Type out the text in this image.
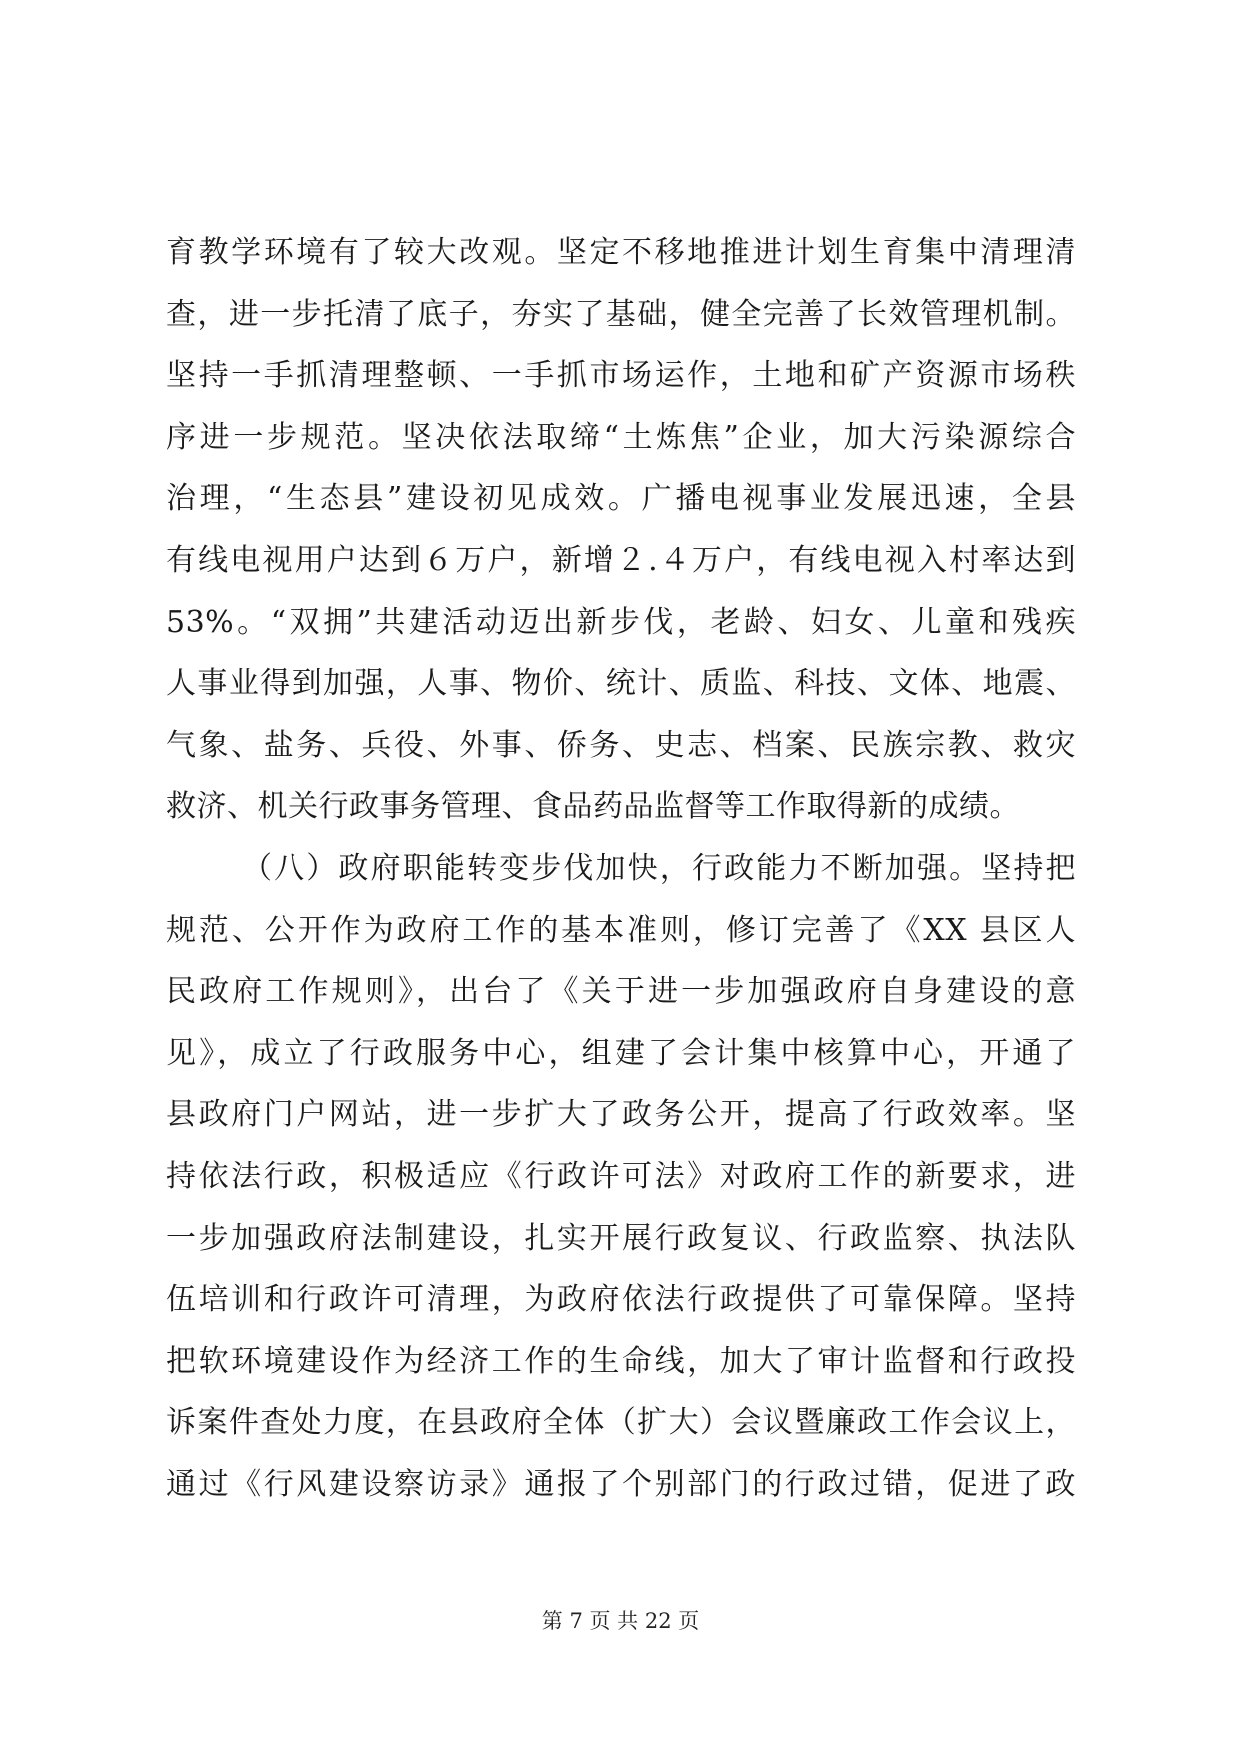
育教学环境有了较大改观。坚定不移地推进计划生育集中清理清
查，进一步托清了底子，夯实了基础，健全完善了长效管理机制。
坚持一手抓清理整顿、一手抓市场运作，土地和矿产资源市场秩
序进一步规范。坚决依法取缔“土炼焦”企业，加大污染源综合
治理，“生态县”建设初见成效。广播电视事业发展迅速，全县
有线电视用户达到６万户，新增２.４万户，有线电视入村率达到
53%。“双拥”共建活动迈出新步伐，老龄、妇女、儿童和残疾
人事业得到加强，人事、物价、统计、质监、科技、文体、地震、
气象、盐务、兵役、外事、侨务、史志、档案、民族宗教、救灾
救济、机关行政事务管理、食品药品监督等工作取得新的成绩。
（八）政府职能转变步伐加快，行政能力不断加强。坚持把
规范、公开作为政府工作的基本准则，修订完善了《XX 县区人
民政府工作规则》，出台了《关于进一步加强政府自身建设的意
见》，成立了行政服务中心，组建了会计集中核算中心，开通了
县政府门户网站，进一步扩大了政务公开，提高了行政效率。坚
持依法行政，积极适应《行政许可法》对政府工作的新要求，进
一步加强政府法制建设，扎实开展行政复议、行政监察、执法队
伍培训和行政许可清理，为政府依法行政提供了可靠保障。坚持
把软环境建设作为经济工作的生命线，加大了审计监督和行政投
诉案件查处力度，在县政府全体（扩大）会议暨廉政工作会议上，
通过《行风建设察访录》通报了个别部门的行政过错，促进了政
第 7 页 共 22 页
